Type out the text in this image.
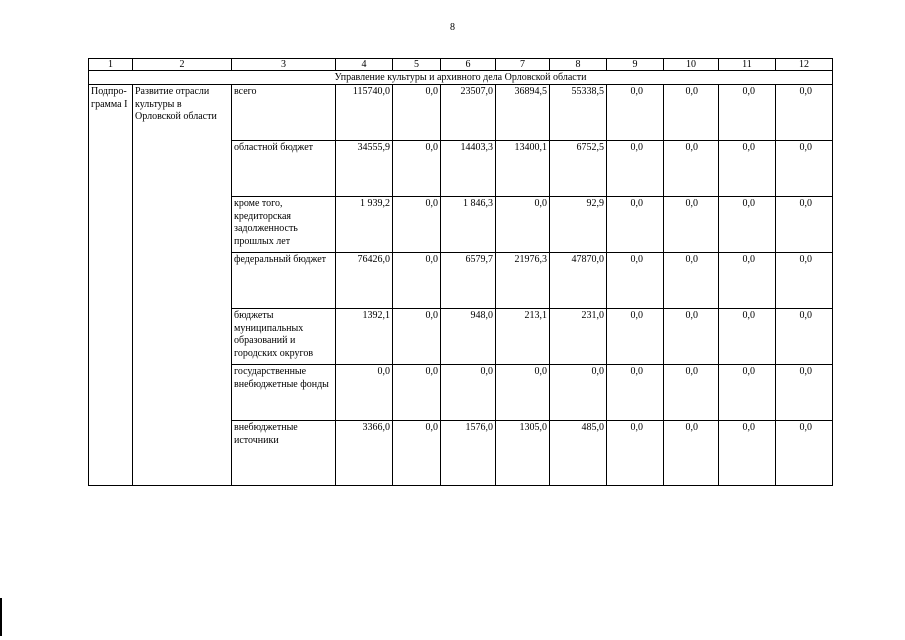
8
1	2	3	4	5	6	7	8	9	10	11	12
Управление культуры и архивного дела Орловской области											
Подпро-грамма I	Развитие отрасли культуры в Орловской области	всего	115740,0	0,0	23507,0	36894,5	55338,5	0,0	0,0	0,0	0,0
		областной бюджет	34555,9	0,0	14403,3	13400,1	6752,5	0,0	0,0	0,0	0,0
		кроме того, кредиторская задолженность прошлых лет	1 939,2	0,0	1 846,3	0,0	92,9	0,0	0,0	0,0	0,0
		федеральный бюджет	76426,0	0,0	6579,7	21976,3	47870,0	0,0	0,0	0,0	0,0
		бюджеты муниципальных образований и городских округов	1392,1	0,0	948,0	213,1	231,0	0,0	0,0	0,0	0,0
		государственные внебюджетные фонды	0,0	0,0	0,0	0,0	0,0	0,0	0,0	0,0	0,0
		внебюджетные источники	3366,0	0,0	1576,0	1305,0	485,0	0,0	0,0	0,0	0,0
